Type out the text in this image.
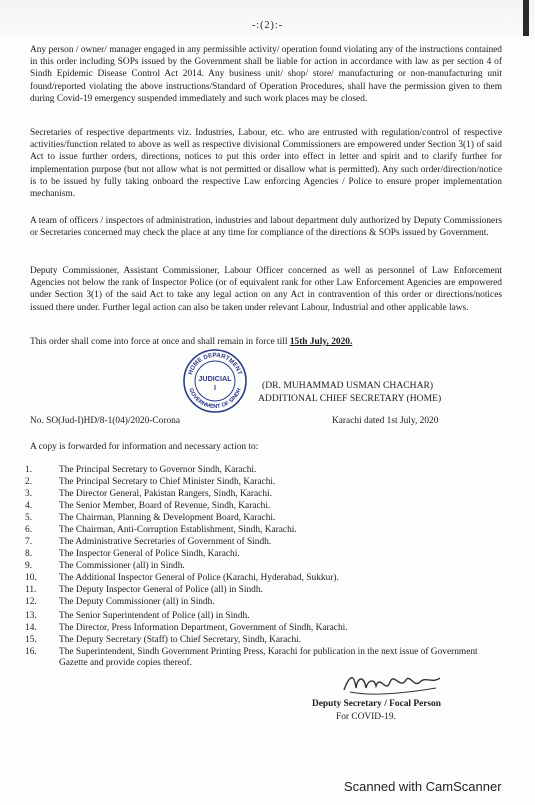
-:(2):-

Any person / owner/ manager engaged in any permissible activity/ operation found violating any of the instructions contained in this order including SOPs issued by the Government shall be liable for action in accordance with law as per section 4 of Sindh Epidemic Disease Control Act 2014. Any business unit/ shop/ store/ manufacturing or non-manufacturing unit found/reported violating the above instructions/Standard of Operation Procedures, shall have the permission given to them during Covid-19 emergency suspended immediately and such work places may be closed.

Secretaries of respective departments viz. Industries, Labour, etc. who are entrusted with regulation/control of respective activities/function related to above as well as respective divisional Commissioners are empowered under Section 3(1) of said Act to issue further orders, directions, notices to put this order into effect in letter and spirit and to clarify further for implementation purpose (but not allow what is not permitted or disallow what is permitted). Any such order/direction/notice is to be issued by fully taking onboard the respective Law enforcing Agencies / Police to ensure proper implementation mechanism.

A team of officers / inspectors of administration, industries and labout department duly authorized by Deputy Commissioners or Secretaries concerned may check the place at any time for compliance of the directions & SOPs issued by Government.

Deputy Commissioner, Assistant Commissioner, Labour Officer concerned as well as personnel of Law Enforcement Agencies not below the rank of Inspector Police (or of equivalent rank for other Law Enforcement Agencies are empowered under Section 3(1) of the said Act to take any legal action on any Act in contravention of this order or directions/notices issued there under. Further legal action can also be taken under relevant Labour, Industrial and other applicable laws.

This order shall come into force at once and shall remain in force till 15th July, 2020.

HOME DEPARTMENT
GOVERNMENT OF SINDH
JUDICIAL
I	(DR. MUHAMMAD USMAN CHACHAR)
ADDITIONAL CHIEF SECRETARY (HOME)
No. SO(Jud-I)HD/8-1(04)/2020-Corona	Karachi dated 1st July, 2020
A copy is forwarded for information and necessary action to:
1.	The Principal Secretary to Governor Sindh, Karachi.
2.	The Principal Secretary to Chief Minister Sindh, Karachi.
3.	The Director General, Pakistan Rangers, Sindh, Karachi.
4.	The Senior Member, Board of Revenue, Sindh, Karachi.
5.	The Chairman, Planning & Development Board, Karachi.
6.	The Chairman, Anti-Corruption Establishment, Sindh, Karachi.
7.	The Administrative Secretaries of Government of Sindh.
8.	The Inspector General of Police Sindh, Karachi.
9.	The Commissioner (all) in Sindh.
10.	The Additional Inspector General of Police (Karachi, Hyderabad, Sukkur).
11.	The Deputy Inspector General of Police (all) in Sindh.
12.	The Deputy Commissioner (all) in Sindh.
13.	The Senior Superintendent of Police (all) in Sindh.
14.	The Director, Press Information Department, Government of Sindh, Karachi.
15.	The Deputy Secretary (Staff) to Chief Secretary, Sindh, Karachi.
16.	The Superintendent, Sindh Government Printing Press, Karachi for publication in the next issue of Government Gazette and provide copies thereof.
Deputy Secretary / Focal Person
For COVID-19.
Scanned with CamScanner
